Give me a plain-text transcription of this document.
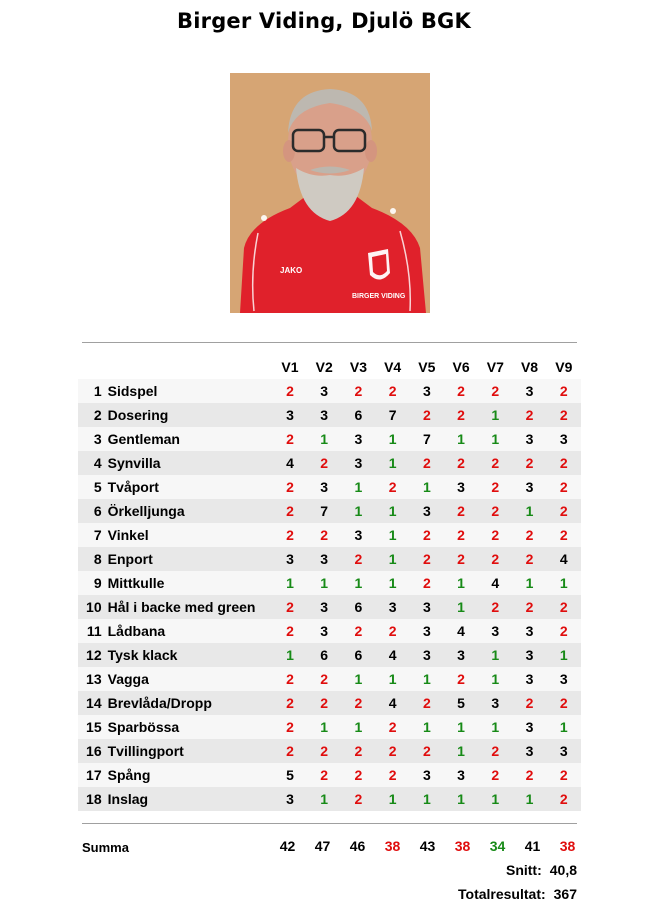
Birger Viding, Djulö BGK
JAKO
BIRGER VIDING
		V1	V2	V3	V4	V5	V6	V7	V8	V9
1	Sidspel	2	3	2	2	3	2	2	3	2
2	Dosering	3	3	6	7	2	2	1	2	2
3	Gentleman	2	1	3	1	7	1	1	3	3
4	Synvilla	4	2	3	1	2	2	2	2	2
5	Tvåport	2	3	1	2	1	3	2	3	2
6	Örkelljunga	2	7	1	1	3	2	2	1	2
7	Vinkel	2	2	3	1	2	2	2	2	2
8	Enport	3	3	2	1	2	2	2	2	4
9	Mittkulle	1	1	1	1	2	1	4	1	1
10	Hål i backe med green	2	3	6	3	3	1	2	2	2
11	Lådbana	2	3	2	2	3	4	3	3	2
12	Tysk klack	1	6	6	4	3	3	1	3	1
13	Vagga	2	2	1	1	1	2	1	3	3
14	Brevlåda/Dropp	2	2	2	4	2	5	3	2	2
15	Sparbössa	2	1	1	2	1	1	1	3	1
16	Tvillingport	2	2	2	2	2	1	2	3	3
17	Spång	5	2	2	2	3	3	2	2	2
18	Inslag	3	1	2	1	1	1	1	1	2
Summa	42	47	46	38	43	38	34	41	38
Snitt: 40,8
Totalresultat: 367
